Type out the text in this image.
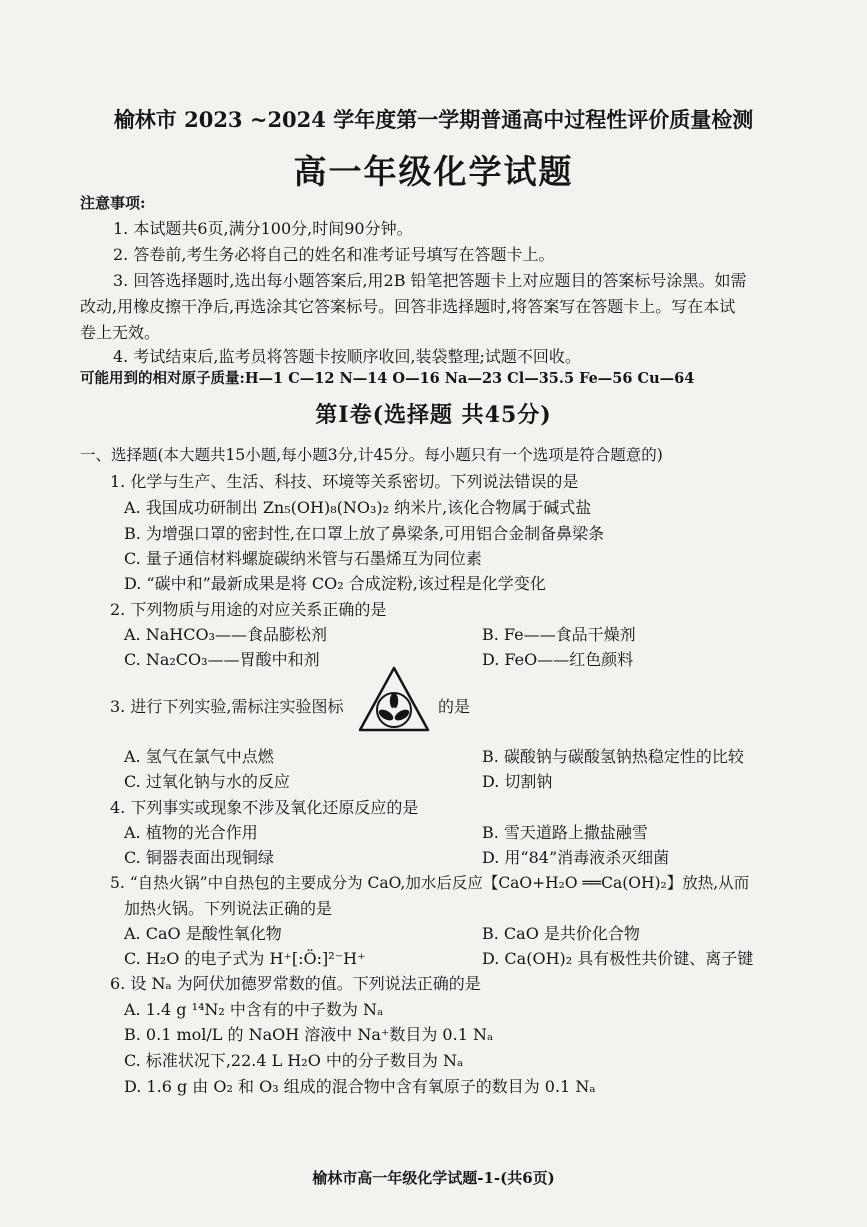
榆林市 2023 ~2024 学年度第一学期普通高中过程性评价质量检测
高一年级化学试题
注意事项:
1. 本试题共6页,满分100分,时间90分钟。
2. 答卷前,考生务必将自己的姓名和准考证号填写在答题卡上。
3. 回答选择题时,选出每小题答案后,用2B 铅笔把答题卡上对应题目的答案标号涂黑。如需
改动,用橡皮擦干净后,再选涂其它答案标号。回答非选择题时,将答案写在答题卡上。写在本试
卷上无效。
4. 考试结束后,监考员将答题卡按顺序收回,装袋整理;试题不回收。
可能用到的相对原子质量:H—1 C—12 N—14 O—16 Na—23 Cl—35.5 Fe—56 Cu—64
第Ⅰ卷(选择题 共45分)
一、选择题(本大题共15小题,每小题3分,计45分。每小题只有一个选项是符合题意的)
1. 化学与生产、生活、科技、环境等关系密切。下列说法错误的是
A. 我国成功研制出 Zn₅(OH)₈(NO₃)₂ 纳米片,该化合物属于碱式盐
B. 为增强口罩的密封性,在口罩上放了鼻梁条,可用铝合金制备鼻梁条
C. 量子通信材料螺旋碳纳米管与石墨烯互为同位素
D. “碳中和”最新成果是将 CO₂ 合成淀粉,该过程是化学变化
2. 下列物质与用途的对应关系正确的是
A. NaHCO₃——食品膨松剂	B. Fe——食品干燥剂
C. Na₂CO₃——胃酸中和剂	D. FeO——红色颜料
3. 进行下列实验,需标注实验图标	的是
A. 氢气在氯气中点燃	B. 碳酸钠与碳酸氢钠热稳定性的比较
C. 过氧化钠与水的反应	D. 切割钠
4. 下列事实或现象不涉及氧化还原反应的是
A. 植物的光合作用	B. 雪天道路上撒盐融雪
C. 铜器表面出现铜绿	D. 用“84”消毒液杀灭细菌
5. “自热火锅”中自热包的主要成分为 CaO,加水后反应【CaO+H₂O ══Ca(OH)₂】放热,从而
加热火锅。下列说法正确的是
A. CaO 是酸性氧化物	B. CaO 是共价化合物
C. H₂O 的电子式为 H⁺[:Ö:]²⁻H⁺	D. Ca(OH)₂ 具有极性共价键、离子键
6. 设 Nₐ 为阿伏加德罗常数的值。下列说法正确的是
A. 1.4 g ¹⁴N₂ 中含有的中子数为 Nₐ
B. 0.1 mol/L 的 NaOH 溶液中 Na⁺数目为 0.1 Nₐ
C. 标准状况下,22.4 L H₂O 中的分子数目为 Nₐ
D. 1.6 g 由 O₂ 和 O₃ 组成的混合物中含有氧原子的数目为 0.1 Nₐ
榆林市高一年级化学试题-1-(共6页)
